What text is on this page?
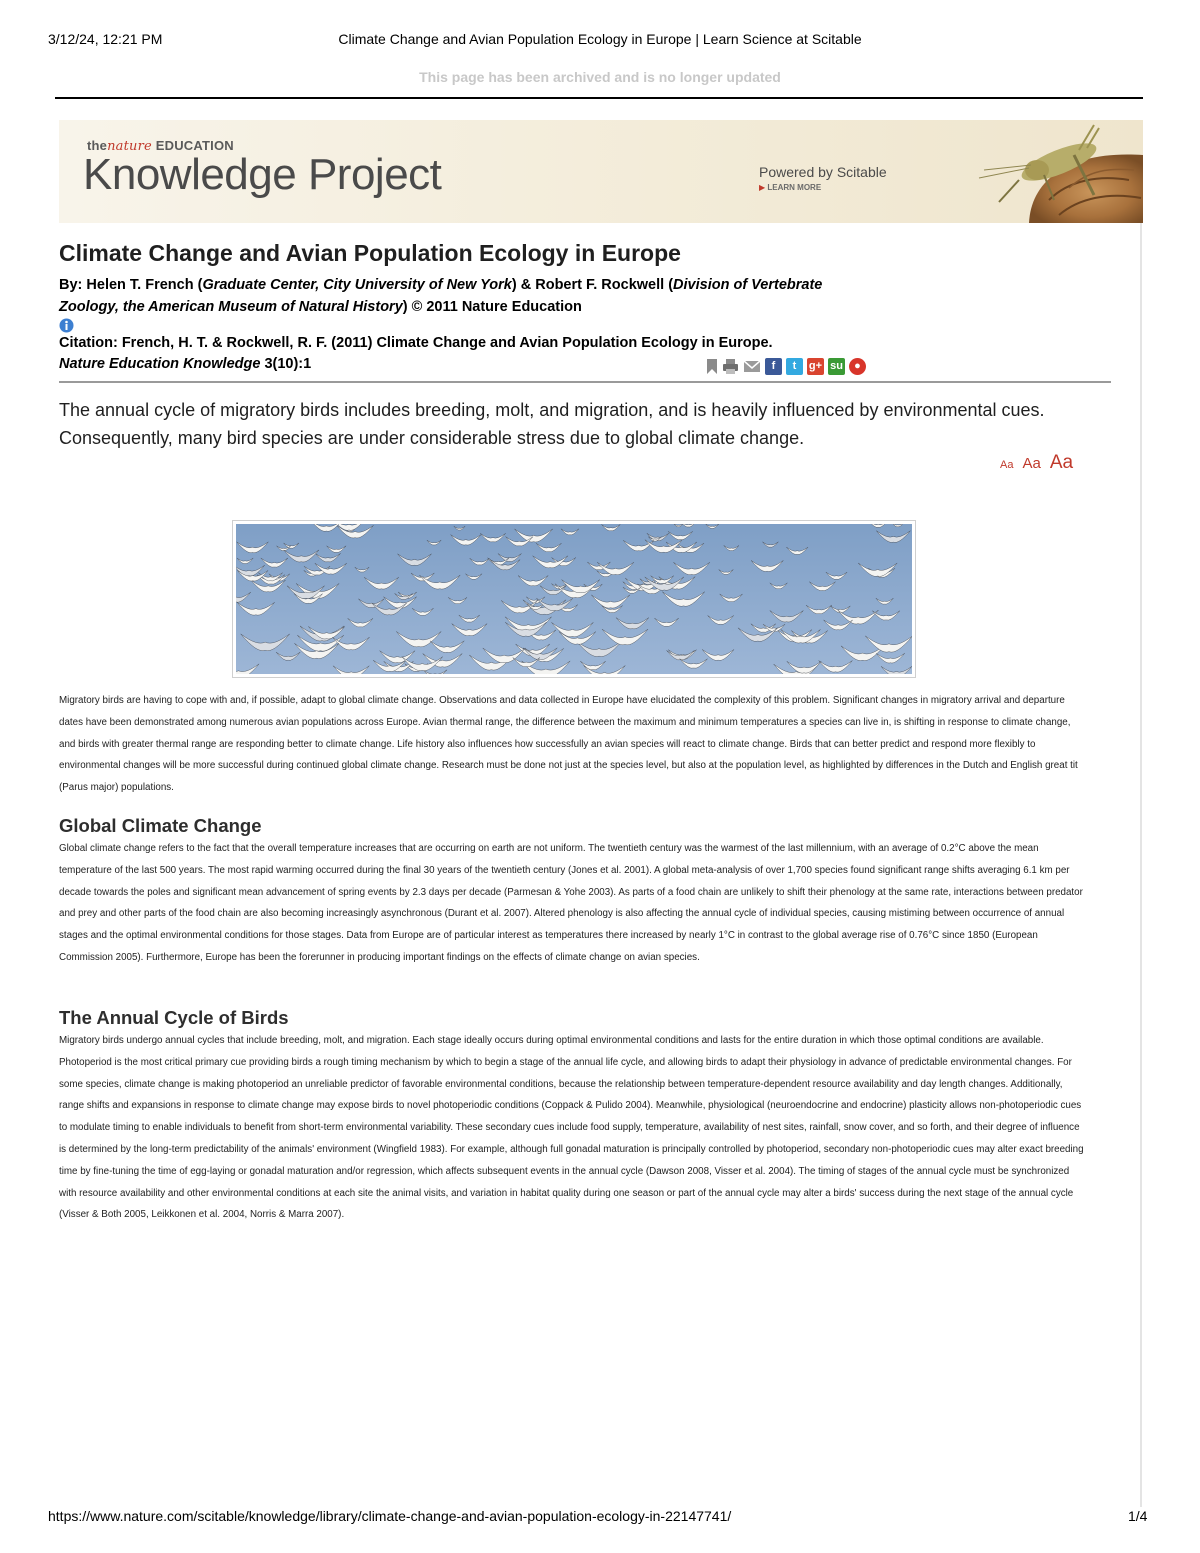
3/12/24, 12:21 PM	Climate Change and Avian Population Ecology in Europe | Learn Science at Scitable
This page has been archived and is no longer updated
thenature EDUCATION
Knowledge Project	Powered by Scitable
▶ LEARN MORE
Climate Change and Avian Population Ecology in Europe
By: Helen T. French (Graduate Center, City University of New York) & Robert F. Rockwell (Division of Vertebrate Zoology, the American Museum of Natural History) © 2011 Nature Education
Citation: French, H. T. & Rockwell, R. F. (2011) Climate Change and Avian Population Ecology in Europe. Nature Education Knowledge 3(10):1	f	t	g+ su	●
The annual cycle of migratory birds includes breeding, molt, and migration, and is heavily influenced by environmental cues. Consequently, many bird species are under considerable stress due to global climate change.
Aa Aa Aa
Migratory birds are having to cope with and, if possible, adapt to global climate change. Observations and data collected in Europe have elucidated the complexity of this problem. Significant changes in migratory arrival and departure dates have been demonstrated among numerous avian populations across Europe. Avian thermal range, the difference between the maximum and minimum temperatures a species can live in, is shifting in response to climate change, and birds with greater thermal range are responding better to climate change. Life history also influences how successfully an avian species will react to climate change. Birds that can better predict and respond more flexibly to environmental changes will be more successful during continued global climate change. Research must be done not just at the species level, but also at the population level, as highlighted by differences in the Dutch and English great tit (Parus major) populations.
Global Climate Change
Global climate change refers to the fact that the overall temperature increases that are occurring on earth are not uniform. The twentieth century was the warmest of the last millennium, with an average of 0.2°C above the mean temperature of the last 500 years. The most rapid warming occurred during the final 30 years of the twentieth century (Jones et al. 2001). A global meta-analysis of over 1,700 species found significant range shifts averaging 6.1 km per decade towards the poles and significant mean advancement of spring events by 2.3 days per decade (Parmesan & Yohe 2003). As parts of a food chain are unlikely to shift their phenology at the same rate, interactions between predator and prey and other parts of the food chain are also becoming increasingly asynchronous (Durant et al. 2007). Altered phenology is also affecting the annual cycle of individual species, causing mistiming between occurrence of annual stages and the optimal environmental conditions for those stages. Data from Europe are of particular interest as temperatures there increased by nearly 1°C in contrast to the global average rise of 0.76°C since 1850 (European Commission 2005). Furthermore, Europe has been the forerunner in producing important findings on the effects of climate change on avian species.
The Annual Cycle of Birds
Migratory birds undergo annual cycles that include breeding, molt, and migration. Each stage ideally occurs during optimal environmental conditions and lasts for the entire duration in which those optimal conditions are available. Photoperiod is the most critical primary cue providing birds a rough timing mechanism by which to begin a stage of the annual life cycle, and allowing birds to adapt their physiology in advance of predictable environmental changes. For some species, climate change is making photoperiod an unreliable predictor of favorable environmental conditions, because the relationship between temperature-dependent resource availability and day length changes. Additionally, range shifts and expansions in response to climate change may expose birds to novel photoperiodic conditions (Coppack & Pulido 2004). Meanwhile, physiological (neuroendocrine and endocrine) plasticity allows non-photoperiodic cues to modulate timing to enable individuals to benefit from short-term environmental variability. These secondary cues include food supply, temperature, availability of nest sites, rainfall, snow cover, and so forth, and their degree of influence is determined by the long-term predictability of the animals' environment (Wingfield 1983). For example, although full gonadal maturation is principally controlled by photoperiod, secondary non-photoperiodic cues may alter exact breeding time by fine-tuning the time of egg-laying or gonadal maturation and/or regression, which affects subsequent events in the annual cycle (Dawson 2008, Visser et al. 2004). The timing of stages of the annual cycle must be synchronized with resource availability and other environmental conditions at each site the animal visits, and variation in habitat quality during one season or part of the annual cycle may alter a birds' success during the next stage of the annual cycle (Visser & Both 2005, Leikkonen et al. 2004, Norris & Marra 2007).
https://www.nature.com/scitable/knowledge/library/climate-change-and-avian-population-ecology-in-22147741/	1/4
